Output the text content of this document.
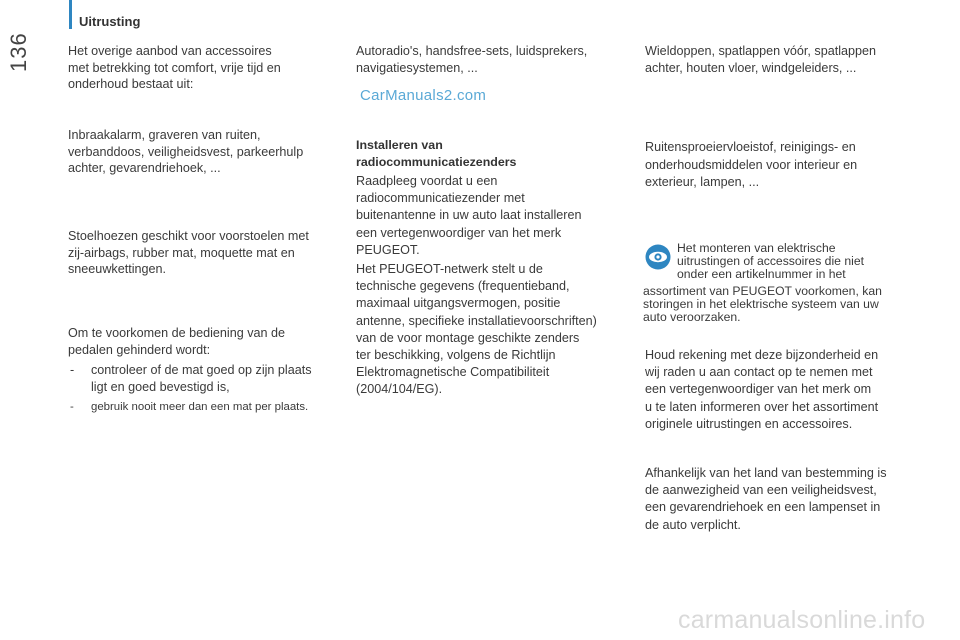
Uitrusting
136	Het overige aanbod van accessoires
met betrekking tot comfort, vrije tijd en
onderhoud bestaat uit:
Inbraakalarm, graveren van ruiten,
verbanddoos, veiligheidsvest, parkeerhulp
achter, gevarendriehoek, ...
Stoelhoezen geschikt voor voorstoelen met
zij-airbags, rubber mat, moquette mat en
sneeuwkettingen.
Om te voorkomen de bediening van de
pedalen gehinderd wordt:
- controleer of de mat goed op zijn plaats
ligt en goed bevestigd is,
- gebruik nooit meer dan een mat per plaats.
Autoradio's, handsfree-sets, luidsprekers,
navigatiesystemen, ...
CarManuals2.com
Installeren van
radiocommunicatiezenders
Raadpleeg voordat u een
radiocommunicatiezender met
buitenantenne in uw auto laat installeren
een vertegenwoordiger van het merk
PEUGEOT.
Het PEUGEOT-netwerk stelt u de
technische gegevens (frequentieband,
maximaal uitgangsvermogen, positie
antenne, specifieke installatievoorschriften)
van de voor montage geschikte zenders
ter beschikking, volgens de Richtlijn
Elektromagnetische Compatibiliteit
(2004/104/EG).
Wieldoppen, spatlappen vóór, spatlappen
achter, houten vloer, windgeleiders, ...
Ruitensproeiervloeistof, reinigings- en
onderhoudsmiddelen voor interieur en
exterieur, lampen, ...
Het monteren van elektrische
uitrustingen of accessoires die niet
onder een artikelnummer in het
assortiment van PEUGEOT voorkomen, kan
storingen in het elektrische systeem van uw
auto veroorzaken.
Houd rekening met deze bijzonderheid en
wij raden u aan contact op te nemen met
een vertegenwoordiger van het merk om
u te laten informeren over het assortiment
originele uitrustingen en accessoires.
Afhankelijk van het land van bestemming is
de aanwezigheid van een veiligheidsvest,
een gevarendriehoek en een lampenset in
de auto verplicht.
carmanualsonline.info
